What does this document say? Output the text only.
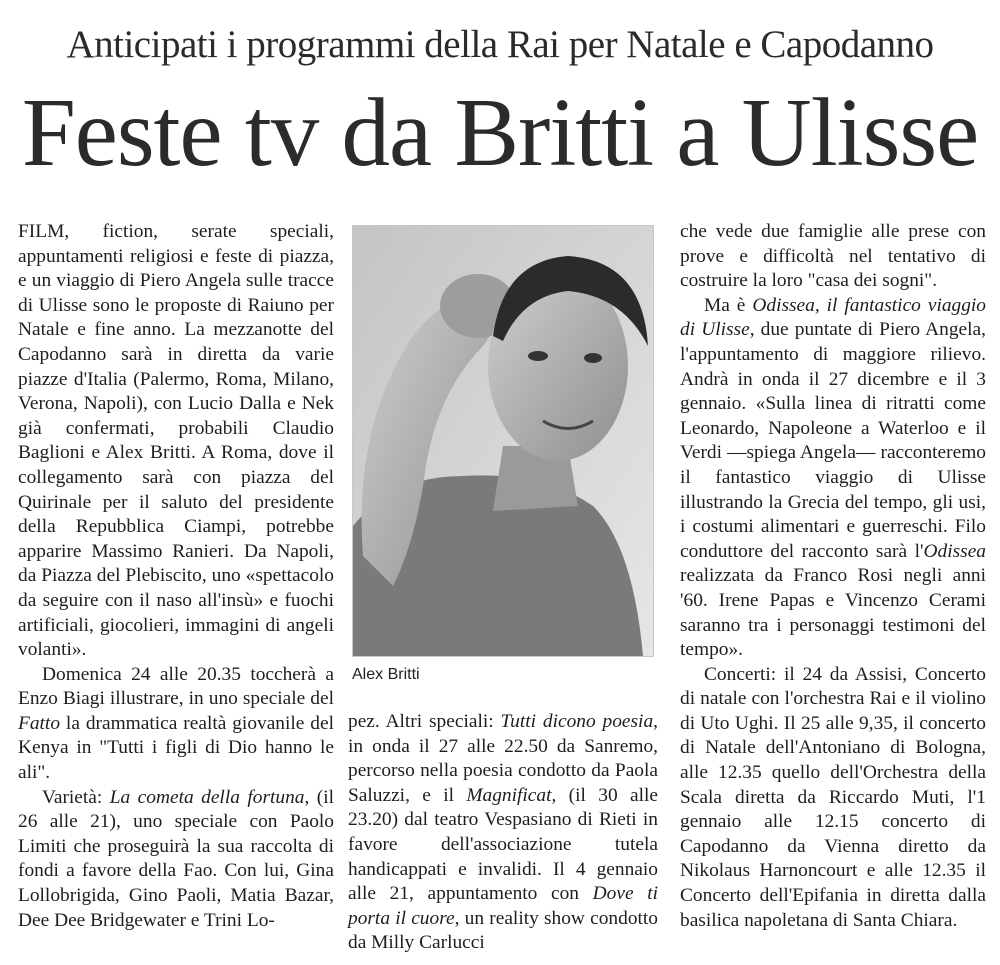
Anticipati i programmi della Rai per Natale e Capodanno
Feste tv da Britti a Ulisse

FILM, fiction, serate speciali, appuntamenti religiosi e feste di piazza, e un viaggio di Piero Angela sulle tracce di Ulisse sono le proposte di Raiuno per Natale e fine anno. La mezzanotte del Capodanno sarà in diretta da varie piazze d'Italia (Palermo, Roma, Milano, Verona, Napoli), con Lucio Dalla e Nek già confermati, probabili Claudio Baglioni e Alex Britti. A Roma, dove il collegamento sarà con piazza del Quirinale per il saluto del presidente della Repubblica Ciampi, potrebbe apparire Massimo Ranieri. Da Napoli, da Piazza del Plebiscito, uno «spettacolo da seguire con il naso all'insù» e fuochi artificiali, giocolieri, immagini di angeli volanti».

Domenica 24 alle 20.35 toccherà a Enzo Biagi illustrare, in uno speciale del Fatto la drammatica realtà giovanile del Kenya in "Tutti i figli di Dio hanno le ali".

Varietà: La cometa della fortuna, (il 26 alle 21), uno speciale con Paolo Limiti che proseguirà la sua raccolta di fondi a favore della Fao. Con lui, Gina Lollobrigida, Gino Paoli, Matia Bazar, Dee Dee Bridgewater e Trini Lo-

Alex Britti

pez. Altri speciali: Tutti dicono poesia, in onda il 27 alle 22.50 da Sanremo, percorso nella poesia condotto da Paola Saluzzi, e il Magnificat, (il 30 alle 23.20) dal teatro Vespasiano di Rieti in favore dell'associazione tutela handicappati e invalidi. Il 4 gennaio alle 21, appuntamento con Dove ti porta il cuore, un reality show condotto da Milly Carlucci

che vede due famiglie alle prese con prove e difficoltà nel tentativo di costruire la loro "casa dei sogni".

Ma è Odissea, il fantastico viaggio di Ulisse, due puntate di Piero Angela, l'appuntamento di maggiore rilievo. Andrà in onda il 27 dicembre e il 3 gennaio. «Sulla linea di ritratti come Leonardo, Napoleone a Waterloo e il Verdi —spiega Angela— racconteremo il fantastico viaggio di Ulisse illustrando la Grecia del tempo, gli usi, i costumi alimentari e guerreschi. Filo conduttore del racconto sarà l'Odissea realizzata da Franco Rosi negli anni '60. Irene Papas e Vincenzo Cerami saranno tra i personaggi testimoni del tempo».

Concerti: il 24 da Assisi, Concerto di natale con l'orchestra Rai e il violino di Uto Ughi. Il 25 alle 9,35, il concerto di Natale dell'Antoniano di Bologna, alle 12.35 quello dell'Orchestra della Scala diretta da Riccardo Muti, l'1 gennaio alle 12.15 concerto di Capodanno da Vienna diretto da Nikolaus Harnoncourt e alle 12.35 il Concerto dell'Epifania in diretta dalla basilica napoletana di Santa Chiara.
